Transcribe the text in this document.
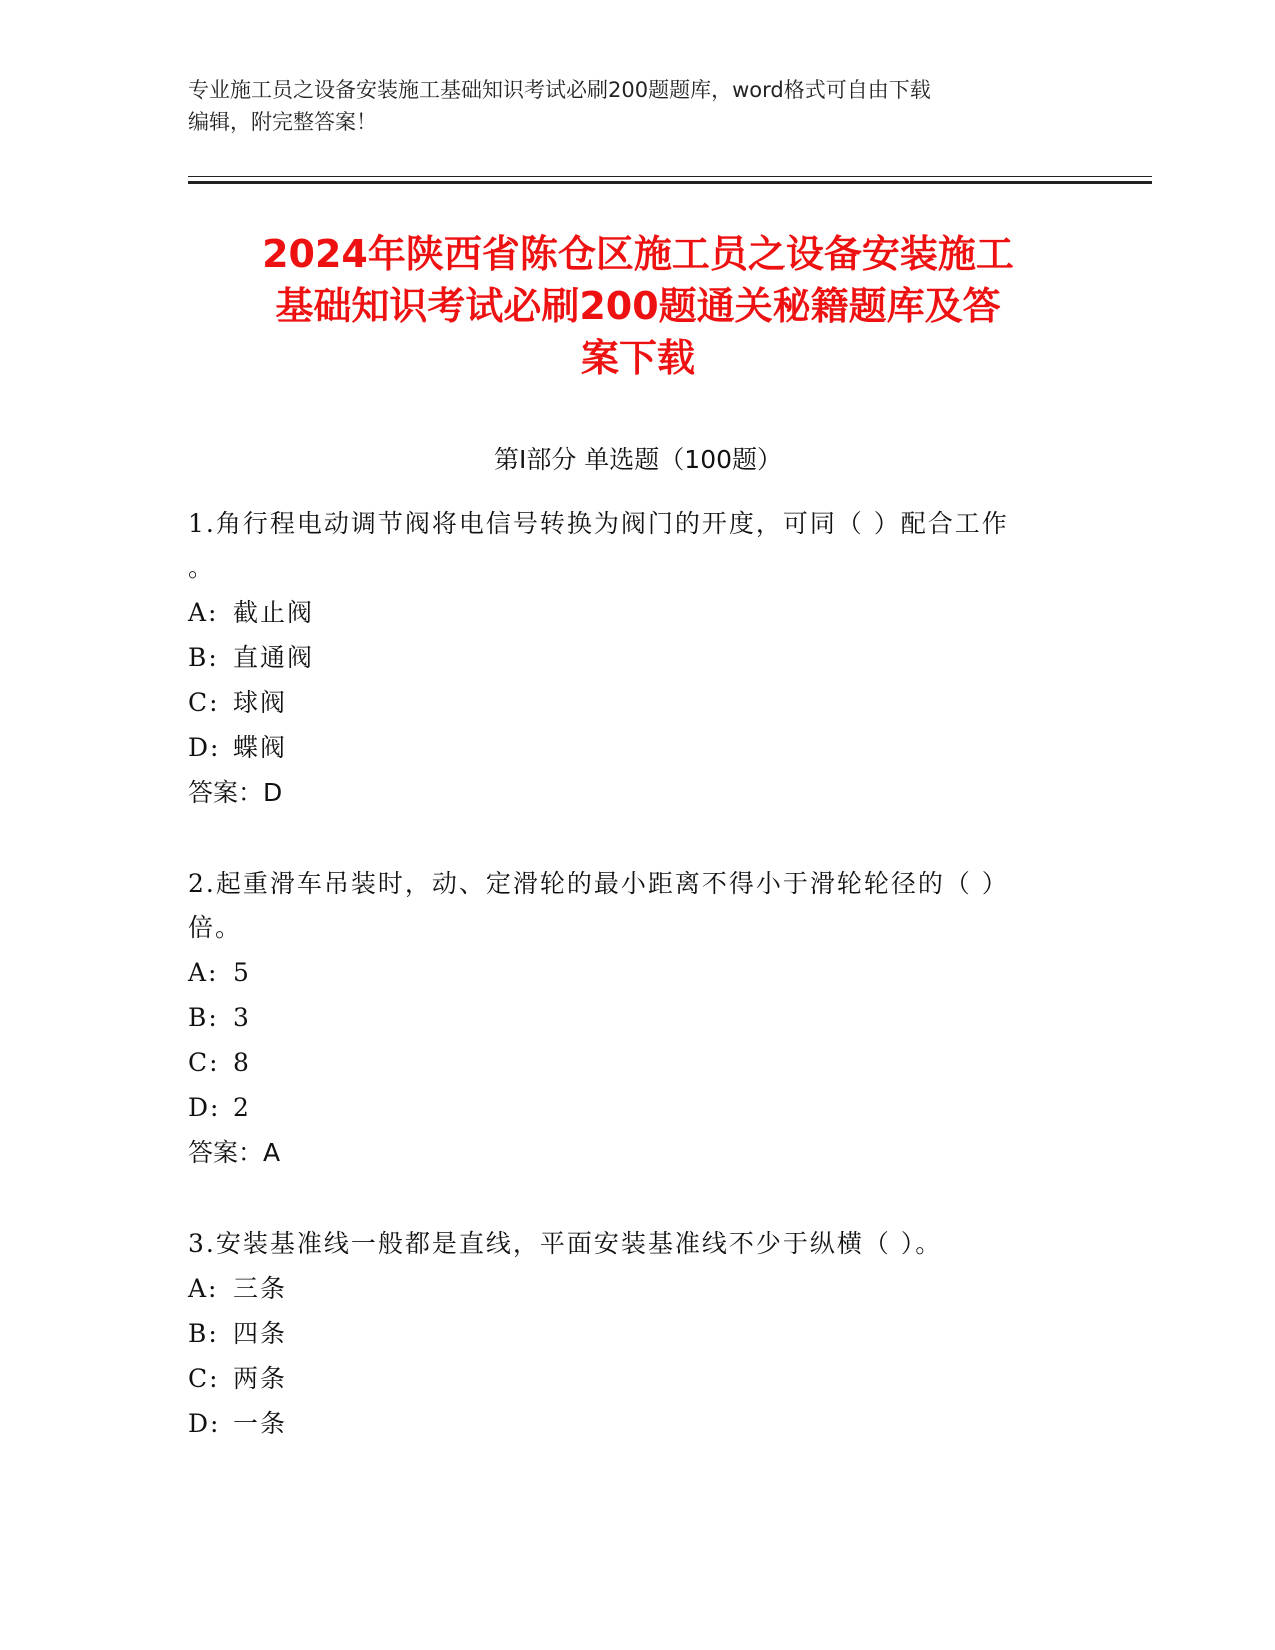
专业施工员之设备安装施工基础知识考试必刷200题题库，word格式可自由下载
编辑，附完整答案！
2024年陕西省陈仓区施工员之设备安装施工
基础知识考试必刷200题通关秘籍题库及答
案下载
第Ⅰ部分 单选题（100题）
1.角行程电动调节阀将电信号转换为阀门的开度，可同（ ）配合工作
。
A: 截止阀
B: 直通阀
C: 球阀
D: 蝶阀
答案：D
2.起重滑车吊装时，动、定滑轮的最小距离不得小于滑轮轮径的（ ）
倍。
A: 5
B: 3
C: 8
D: 2
答案：A
3.安装基准线一般都是直线，平面安装基准线不少于纵横（ ）。
A: 三条
B: 四条
C: 两条
D: 一条
